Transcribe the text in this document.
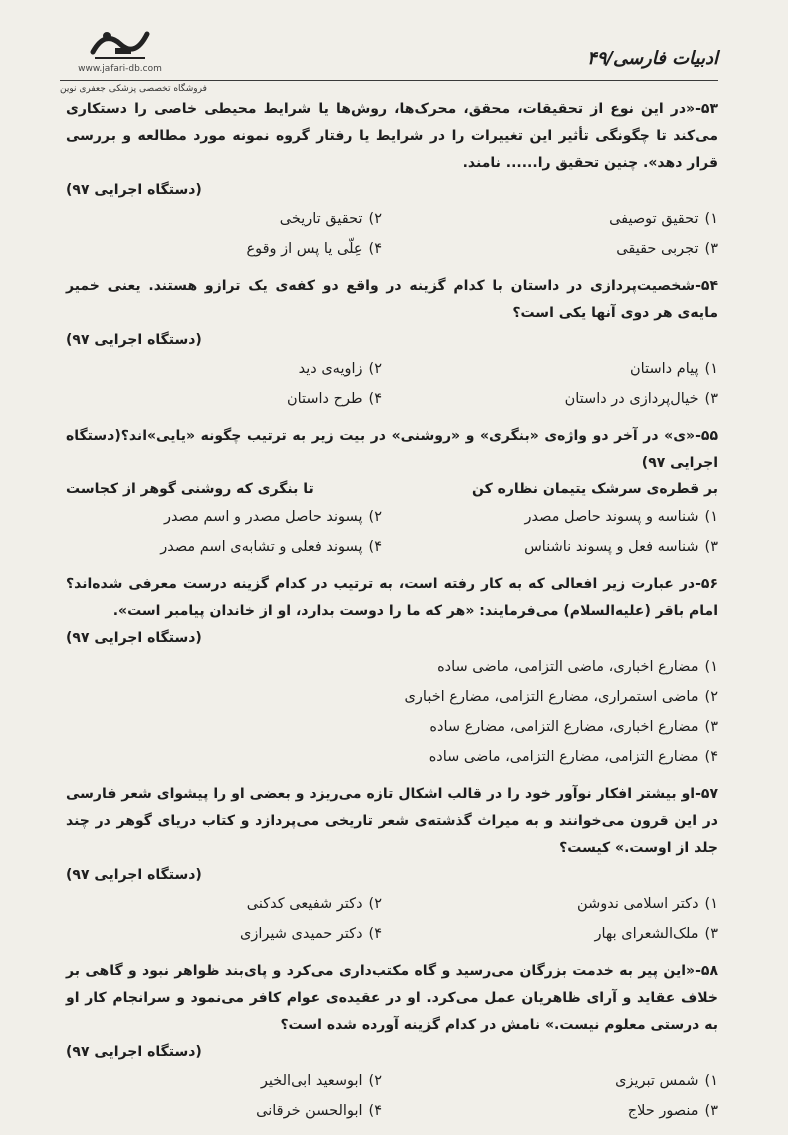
ادبیات فارسی/۴۹
www.jafari-db.com
فروشگاه تخصصی پزشکی جعفری نوین
۵۳-«در این نوع از تحقیقات، محقق، محرک‌ها، روش‌ها یا شرایط محیطی خاصی را دستکاری می‌کند تا چگونگی تأثیر این تغییرات را در شرایط یا رفتار گروه نمونه مورد مطالعه و بررسی قرار دهد». چنین تحقیق را...... نامند.
(دستگاه اجرایی ۹۷)
۱)تحقیق توصیفی
۲)تحقیق تاریخی
۳)تجربی حقیقی
۴)عِلّی یا پس از وقوع
۵۴-شخصیت‌پردازی در داستان با کدام گزینه در واقع دو کفه‌ی یک ترازو هستند. یعنی خمیر مایه‌ی هر دوی آنها یکی است؟
(دستگاه اجرایی ۹۷)
۱)پیام داستان
۲)زاویه‌ی دید
۳)خیال‌پردازی در داستان
۴)طرح داستان
۵۵-«ی» در آخر دو واژه‌ی «بنگری» و «روشنی» در بیت زیر به ترتیب چگونه «یایی»اند؟(دستگاه اجرایی ۹۷)
بر قطره‌ی سرشک یتیمان نظاره کن
تا بنگری که روشنی گوهر از کجاست
۱)شناسه و پسوند حاصل مصدر
۲)پسوند حاصل مصدر و اسم مصدر
۳)شناسه فعل و پسوند ناشناس
۴)پسوند فعلی و تشابه‌ی اسم مصدر
۵۶-در عبارت زیر افعالی که به کار رفته است، به ترتیب در کدام گزینه درست معرفی شده‌اند؟ امام باقر (علیه‌السلام) می‌فرمایند: «هر که ما را دوست بدارد، او از خاندان پیامبر است».
(دستگاه اجرایی ۹۷)
۱)مضارع اخباری، ماضی التزامی، ماضی ساده
۲)ماضی استمراری، مضارع التزامی، مضارع اخباری
۳)مضارع اخباری، مضارع التزامی، مضارع ساده
۴)مضارع التزامی، مضارع التزامی، ماضی ساده
۵۷-او بیشتر افکار نوآور خود را در قالب اشکال تازه می‌ریزد و بعضی او را پیشوای شعر فارسی در این قرون می‌خوانند و به میراث گذشته‌ی شعر تاریخی می‌پردازد و کتاب دریای گوهر در چند جلد از اوست.» کیست؟
(دستگاه اجرایی ۹۷)
۱)دکتر اسلامی ندوشن
۲)دکتر شفیعی کدکنی
۳)ملک‌الشعرای بهار
۴)دکتر حمیدی شیرازی
۵۸-«این پیر به خدمت بزرگان می‌رسید و گاه مکتب‌داری می‌کرد و پای‌بند ظواهر نبود و گاهی بر خلاف عقاید و آرای ظاهریان عمل می‌کرد. او در عقیده‌ی عوام کافر می‌نمود و سرانجام کار او به درستی معلوم نیست.» نامش در کدام گزینه آورده شده است؟
(دستگاه اجرایی ۹۷)
۱)شمس تبریزی
۲)ابوسعید ابی‌الخیر
۳)منصور حلاج
۴)ابوالحسن خرقانی
